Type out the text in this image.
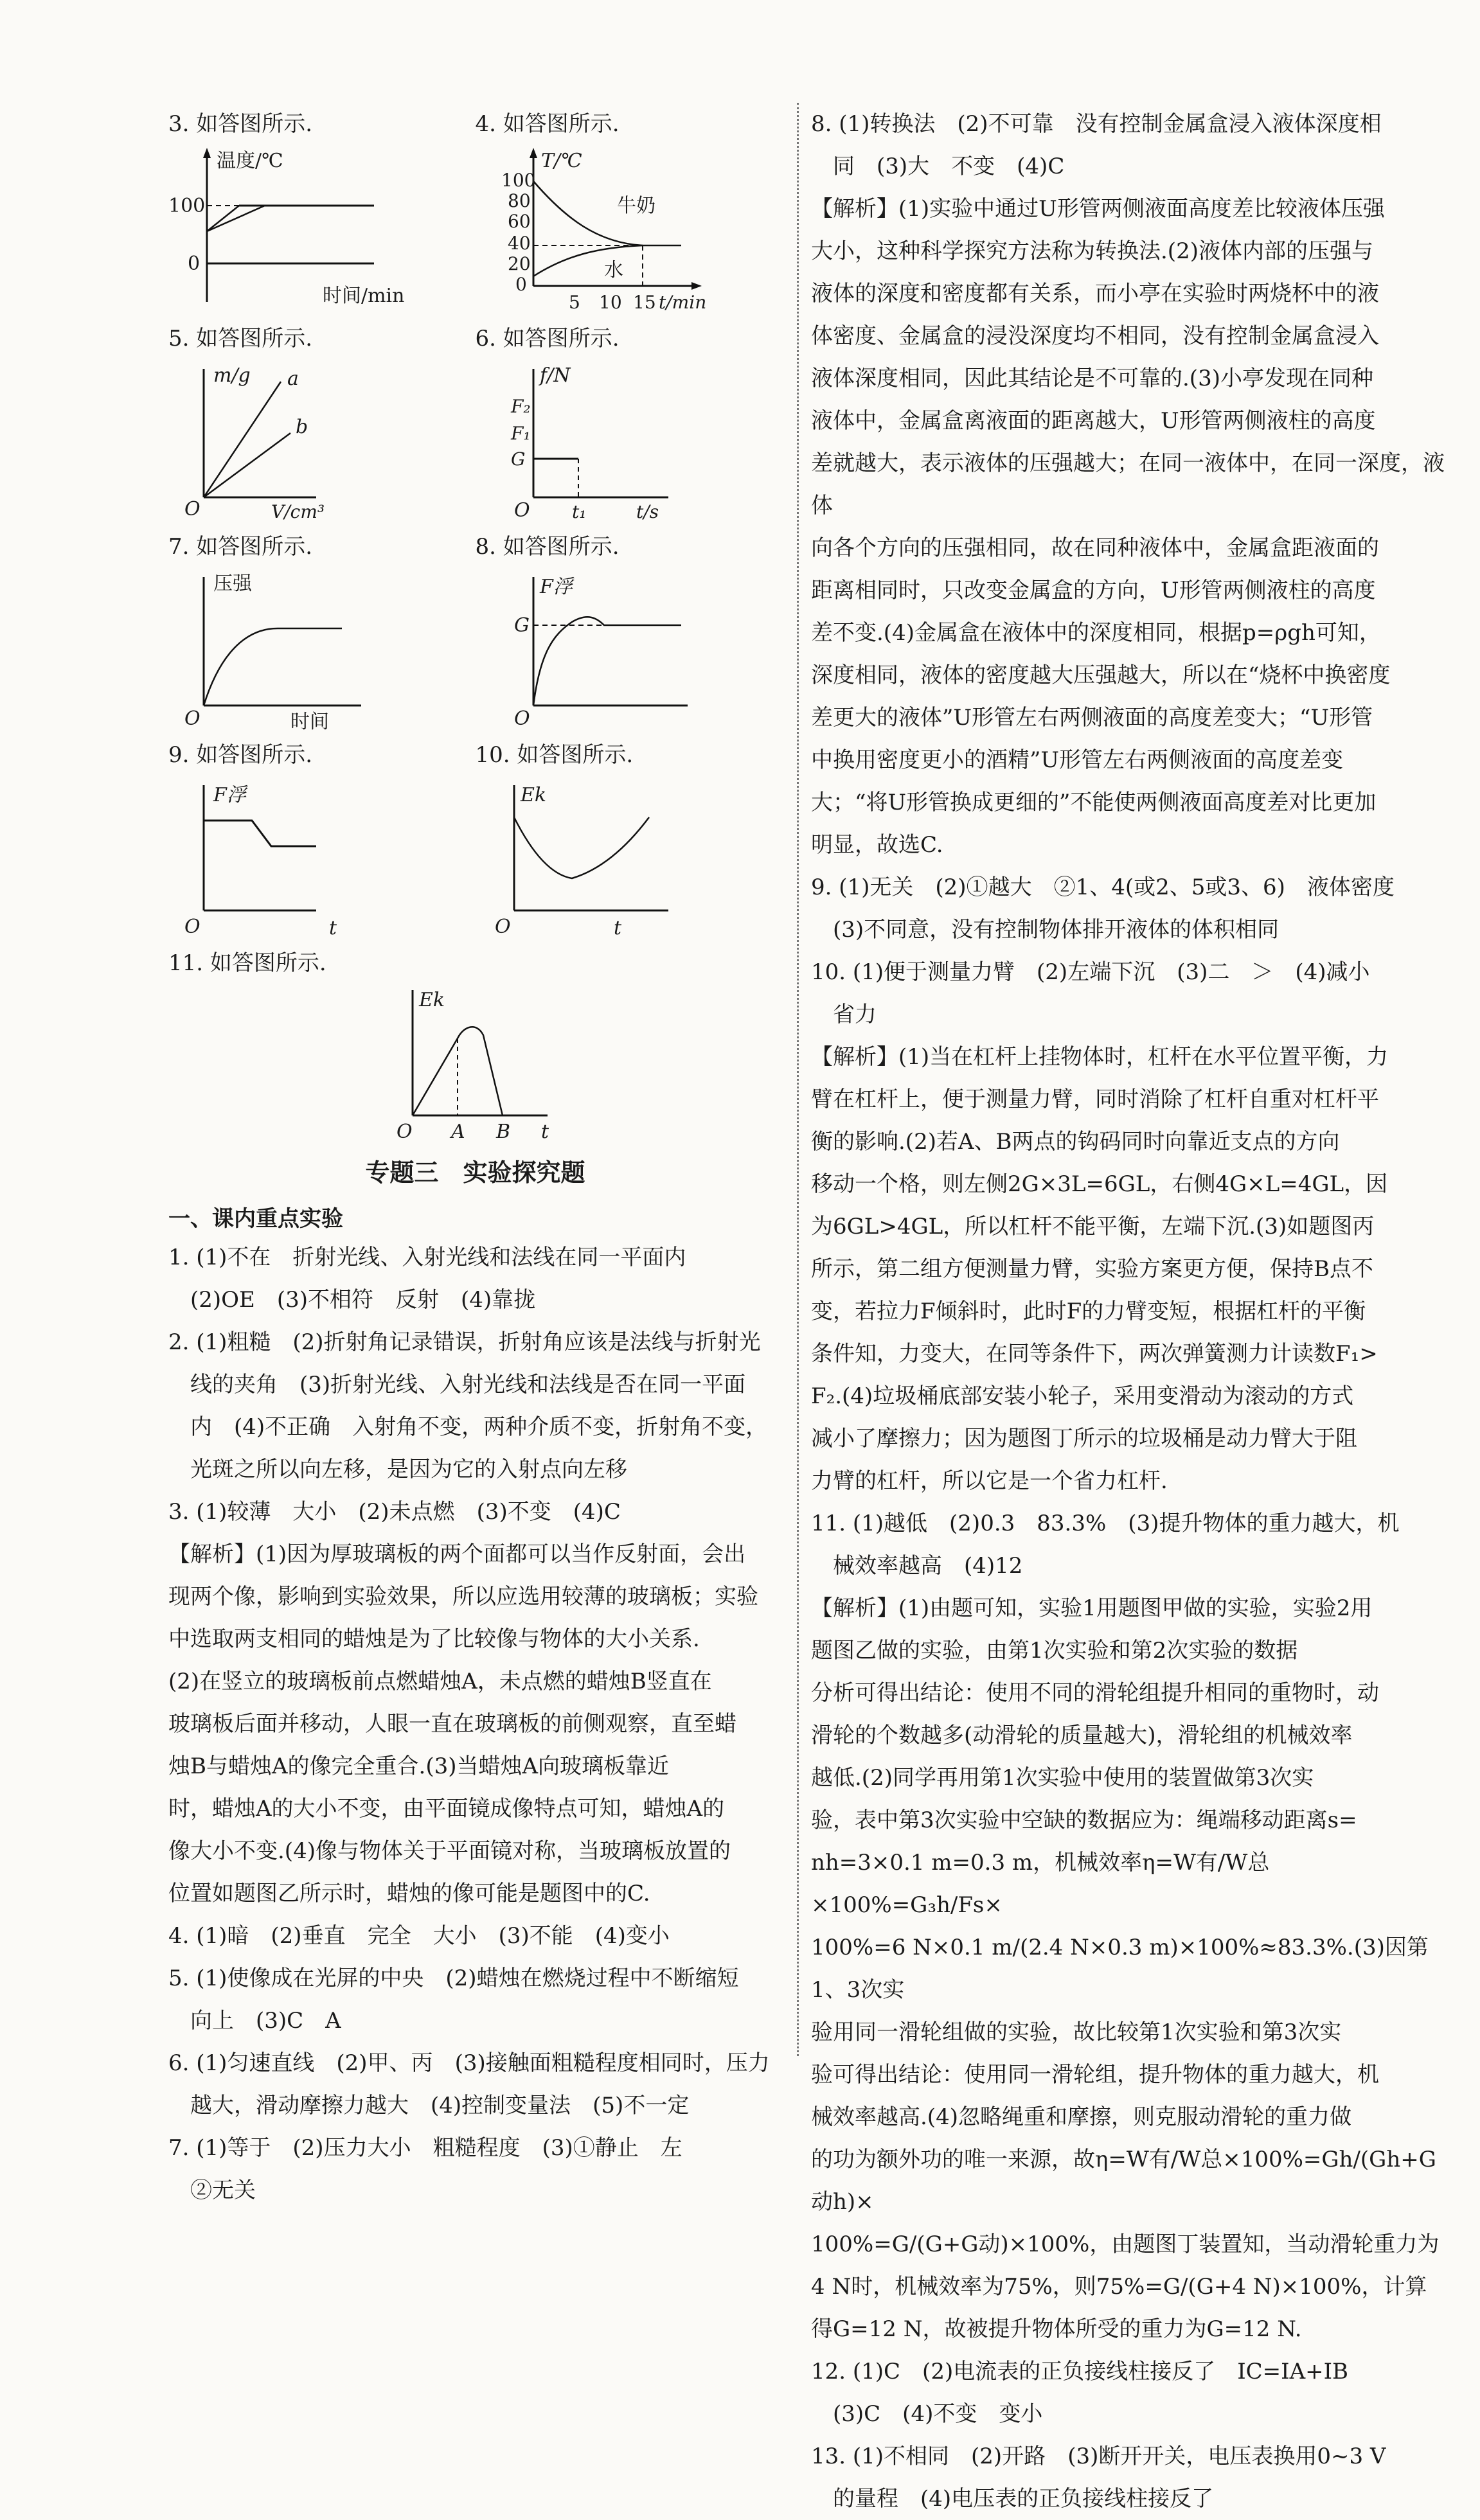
3. 如答图所示.

温度/℃
100
0
时间/min

4. 如答图所示.

T/℃
100
80
60
40
20
0
5 10 15 t/min
牛奶
水

5. 如答图所示.

m/g a
b
O	V/cm³

6. 如答图所示.

f/N
F₂
F₁
G
O t₁	t/s

7. 如答图所示.

压强
O	时间

8. 如答图所示.

F浮
G
O

9. 如答图所示.

F浮
O	t

10. 如答图所示.

Ek
O	t

11. 如答图所示.

Ek
O A B t
专题三　实验探究题

一、课内重点实验

1. (1)不在　折射光线、入射光线和法线在同一平面内

(2)OE　(3)不相符　反射　(4)靠拢

2. (1)粗糙　(2)折射角记录错误，折射角应该是法线与折射光

线的夹角　(3)折射光线、入射光线和法线是否在同一平面

内　(4)不正确　入射角不变，两种介质不变，折射角不变，

光斑之所以向左移，是因为它的入射点向左移

3. (1)较薄　大小　(2)未点燃　(3)不变　(4)C

【解析】(1)因为厚玻璃板的两个面都可以当作反射面，会出

现两个像，影响到实验效果，所以应选用较薄的玻璃板；实验

中选取两支相同的蜡烛是为了比较像与物体的大小关系.

(2)在竖立的玻璃板前点燃蜡烛A，未点燃的蜡烛B竖直在

玻璃板后面并移动，人眼一直在玻璃板的前侧观察，直至蜡

烛B与蜡烛A的像完全重合.(3)当蜡烛A向玻璃板靠近

时，蜡烛A的大小不变，由平面镜成像特点可知，蜡烛A的

像大小不变.(4)像与物体关于平面镜对称，当玻璃板放置的

位置如题图乙所示时，蜡烛的像可能是题图中的C.

4. (1)暗　(2)垂直　完全　大小　(3)不能　(4)变小

5. (1)使像成在光屏的中央　(2)蜡烛在燃烧过程中不断缩短

向上　(3)C　A

6. (1)匀速直线　(2)甲、丙　(3)接触面粗糙程度相同时，压力

越大，滑动摩擦力越大　(4)控制变量法　(5)不一定

7. (1)等于　(2)压力大小　粗糙程度　(3)①静止　左

②无关

8. (1)转换法　(2)不可靠　没有控制金属盒浸入液体深度相

同　(3)大　不变　(4)C

【解析】(1)实验中通过U形管两侧液面高度差比较液体压强

大小，这种科学探究方法称为转换法.(2)液体内部的压强与

液体的深度和密度都有关系，而小亭在实验时两烧杯中的液

体密度、金属盒的浸没深度均不相同，没有控制金属盒浸入

液体深度相同，因此其结论是不可靠的.(3)小亭发现在同种

液体中，金属盒离液面的距离越大，U形管两侧液柱的高度

差就越大，表示液体的压强越大；在同一液体中，在同一深度，液体

向各个方向的压强相同，故在同种液体中，金属盒距液面的

距离相同时，只改变金属盒的方向，U形管两侧液柱的高度

差不变.(4)金属盒在液体中的深度相同，根据p=ρgh可知，

深度相同，液体的密度越大压强越大，所以在“烧杯中换密度

差更大的液体”U形管左右两侧液面的高度差变大；“U形管

中换用密度更小的酒精”U形管左右两侧液面的高度差变

大；“将U形管换成更细的”不能使两侧液面高度差对比更加

明显，故选C.

9. (1)无关　(2)①越大　②1、4(或2、5或3、6)　液体密度

(3)不同意，没有控制物体排开液体的体积相同

10. (1)便于测量力臂　(2)左端下沉　(3)二　＞　(4)减小

省力

【解析】(1)当在杠杆上挂物体时，杠杆在水平位置平衡，力

臂在杠杆上，便于测量力臂，同时消除了杠杆自重对杠杆平

衡的影响.(2)若A、B两点的钩码同时向靠近支点的方向

移动一个格，则左侧2G×3L=6GL，右侧4G×L=4GL，因

为6GL>4GL，所以杠杆不能平衡，左端下沉.(3)如题图丙

所示，第二组方便测量力臂，实验方案更方便，保持B点不

变，若拉力F倾斜时，此时F的力臂变短，根据杠杆的平衡

条件知，力变大，在同等条件下，两次弹簧测力计读数F₁>

F₂.(4)垃圾桶底部安装小轮子，采用变滑动为滚动的方式

减小了摩擦力；因为题图丁所示的垃圾桶是动力臂大于阻

力臂的杠杆，所以它是一个省力杠杆.

11. (1)越低　(2)0.3　83.3%　(3)提升物体的重力越大，机

械效率越高　(4)12

【解析】(1)由题可知，实验1用题图甲做的实验，实验2用

题图乙做的实验，由第1次实验和第2次实验的数据

分析可得出结论：使用不同的滑轮组提升相同的重物时，动

滑轮的个数越多(动滑轮的质量越大)，滑轮组的机械效率

越低.(2)同学再用第1次实验中使用的装置做第3次实

验，表中第3次实验中空缺的数据应为：绳端移动距离s=

nh=3×0.1 m=0.3 m，机械效率η=W有/W总×100%=G₃h/Fs×

100%=6 N×0.1 m/(2.4 N×0.3 m)×100%≈83.3%.(3)因第1、3次实

验用同一滑轮组做的实验，故比较第1次实验和第3次实

验可得出结论：使用同一滑轮组，提升物体的重力越大，机

械效率越高.(4)忽略绳重和摩擦，则克服动滑轮的重力做

的功为额外功的唯一来源，故η=W有/W总×100%=Gh/(Gh+G动h)×

100%=G/(G+G动)×100%，由题图丁装置知，当动滑轮重力为

4 N时，机械效率为75%，则75%=G/(G+4 N)×100%，计算

得G=12 N，故被提升物体所受的重力为G=12 N.

12. (1)C　(2)电流表的正负接线柱接反了　IC=IA+IB

(3)C　(4)不变　变小

13. (1)不相同　(2)开路　(3)断开开关，电压表换用0~3 V

的量程　(4)电压表的正负接线柱接反了
